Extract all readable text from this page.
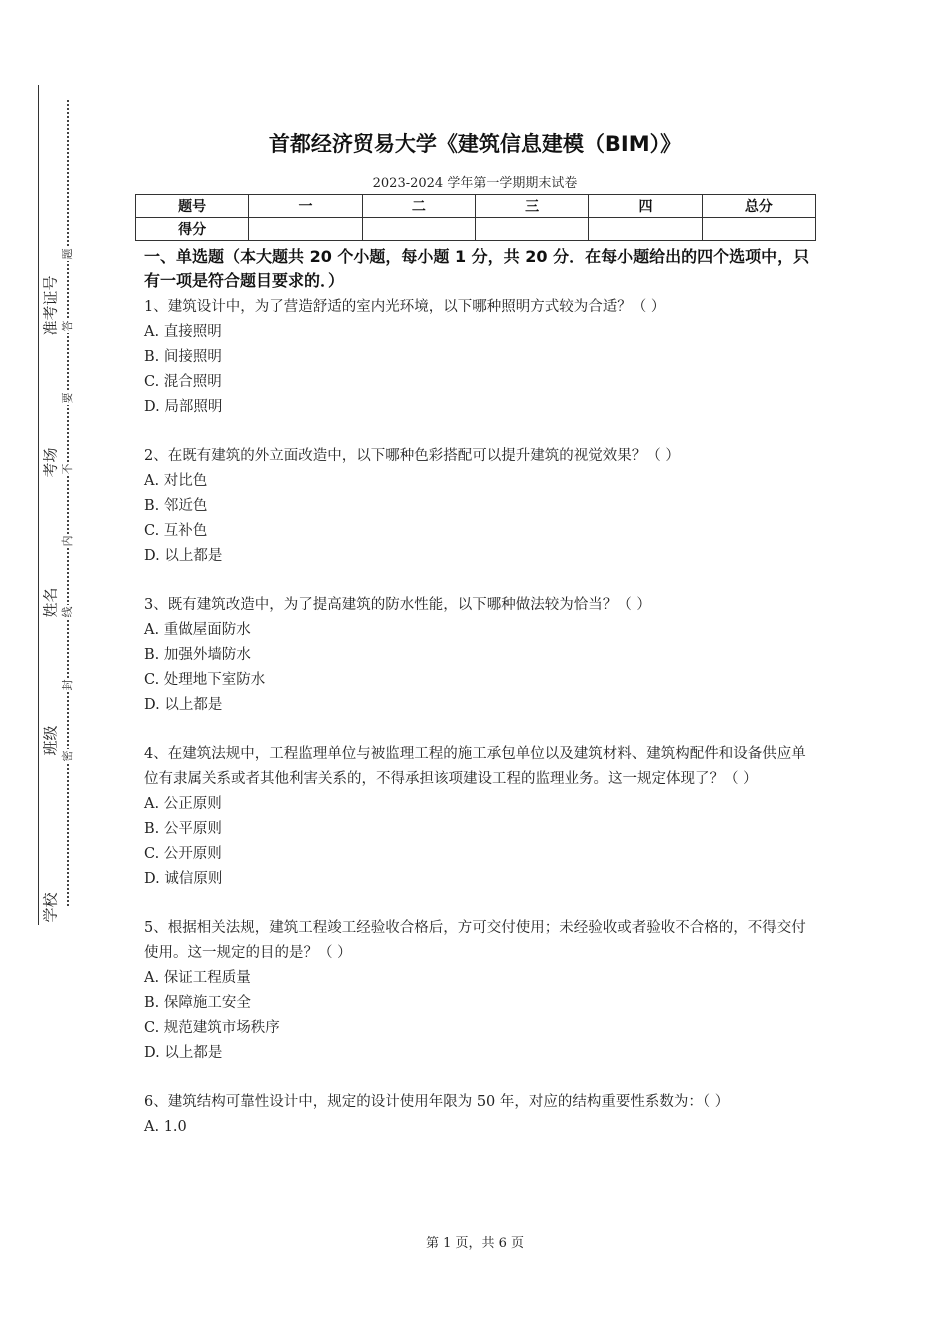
准考证号
考场
姓名
班级
学校
题
答
要
不
内
线
封
密
首都经济贸易大学《建筑信息建模（BIM）》
2023-2024 学年第一学期期末试卷
题号	一	二	三	四	总分
得分					
一、单选题（本大题共 20 个小题，每小题 1 分，共 20 分．在每小题给出的四个选项中，只有一项是符合题目要求的．）
1、建筑设计中，为了营造舒适的室内光环境，以下哪种照明方式较为合适？（ ）
A. 直接照明
B. 间接照明
C. 混合照明
D. 局部照明
2、在既有建筑的外立面改造中，以下哪种色彩搭配可以提升建筑的视觉效果？（ ）
A. 对比色
B. 邻近色
C. 互补色
D. 以上都是
3、既有建筑改造中，为了提高建筑的防水性能，以下哪种做法较为恰当？（ ）
A. 重做屋面防水
B. 加强外墙防水
C. 处理地下室防水
D. 以上都是
4、在建筑法规中，工程监理单位与被监理工程的施工承包单位以及建筑材料、建筑构配件和设备供应单位有隶属关系或者其他利害关系的，不得承担该项建设工程的监理业务。这一规定体现了？（ ）
A. 公正原则
B. 公平原则
C. 公开原则
D. 诚信原则
5、根据相关法规，建筑工程竣工经验收合格后，方可交付使用；未经验收或者验收不合格的，不得交付使用。这一规定的目的是？（ ）
A. 保证工程质量
B. 保障施工安全
C. 规范建筑市场秩序
D. 以上都是
6、建筑结构可靠性设计中，规定的设计使用年限为 50 年，对应的结构重要性系数为：（ ）
A. 1.0
第 1 页，共 6 页
